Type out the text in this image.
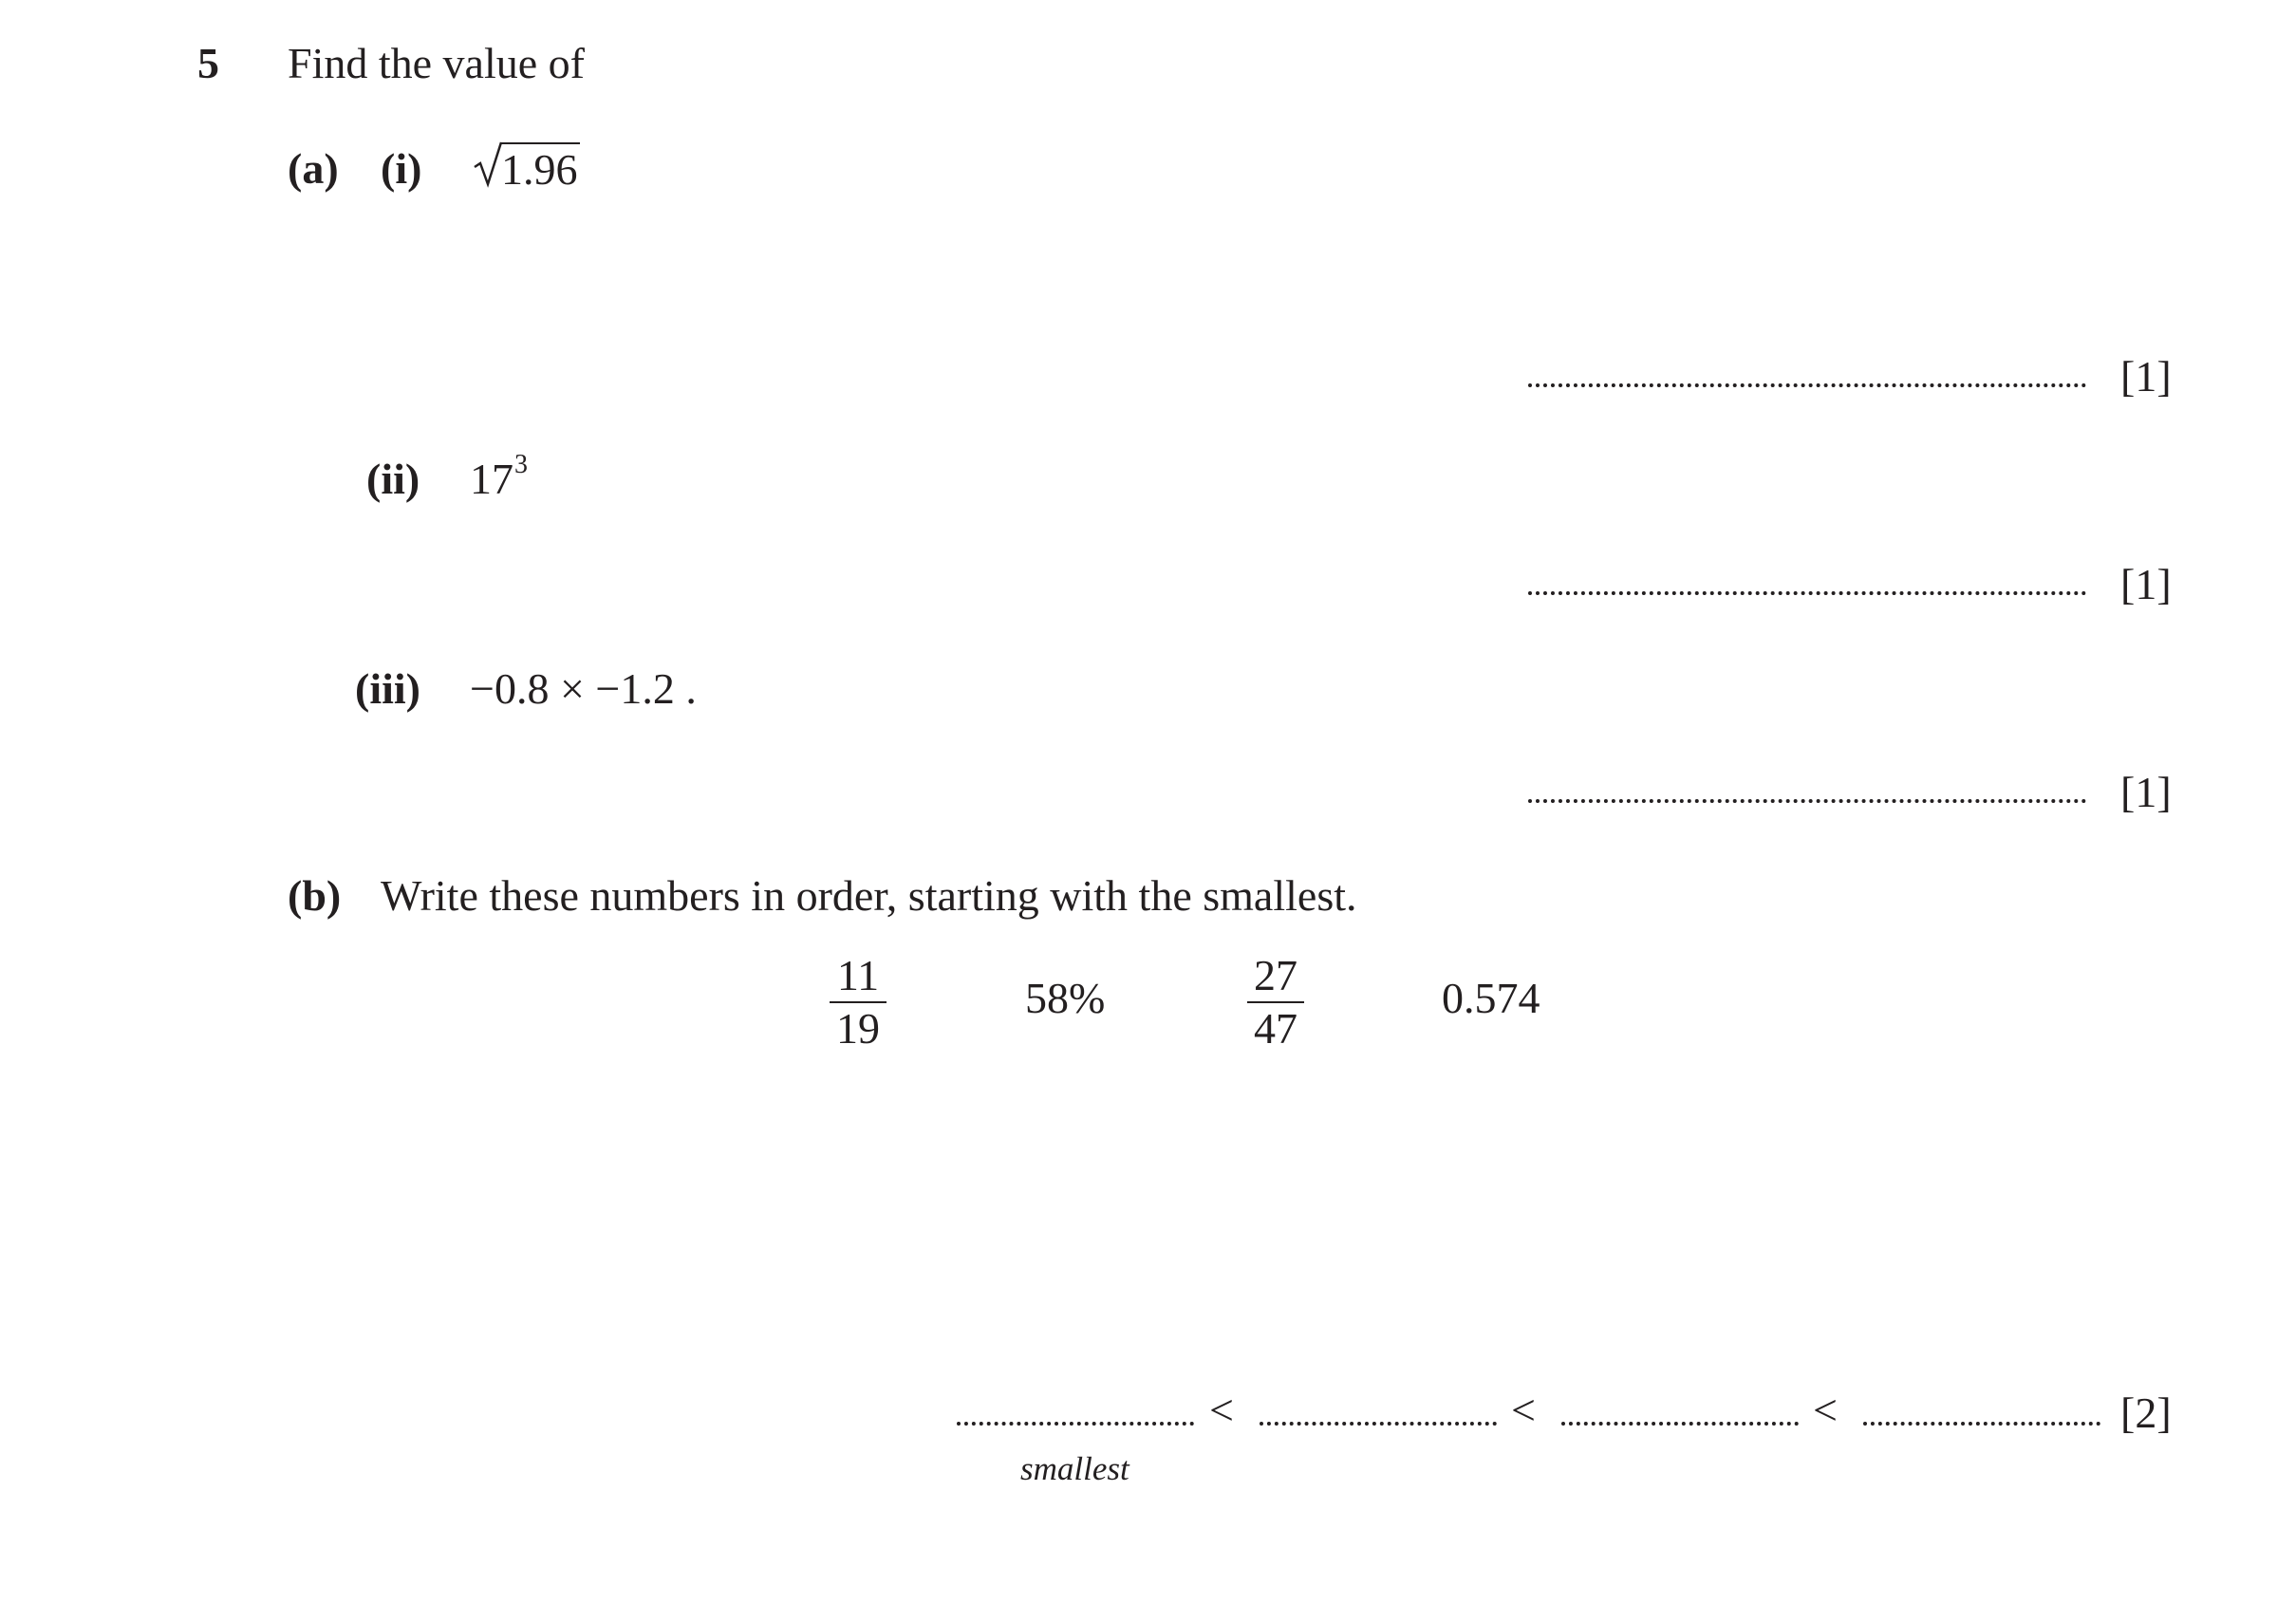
5 Find the value of
(a) (i) 1.96
[1]
(ii) $17^3$
[1]
(iii) −0.8 × −1.2 .
[1]
(b) Write these numbers in order, starting with the smallest.
11
19
58%	27
47
0.574
<	<	<	[2]
smallest
